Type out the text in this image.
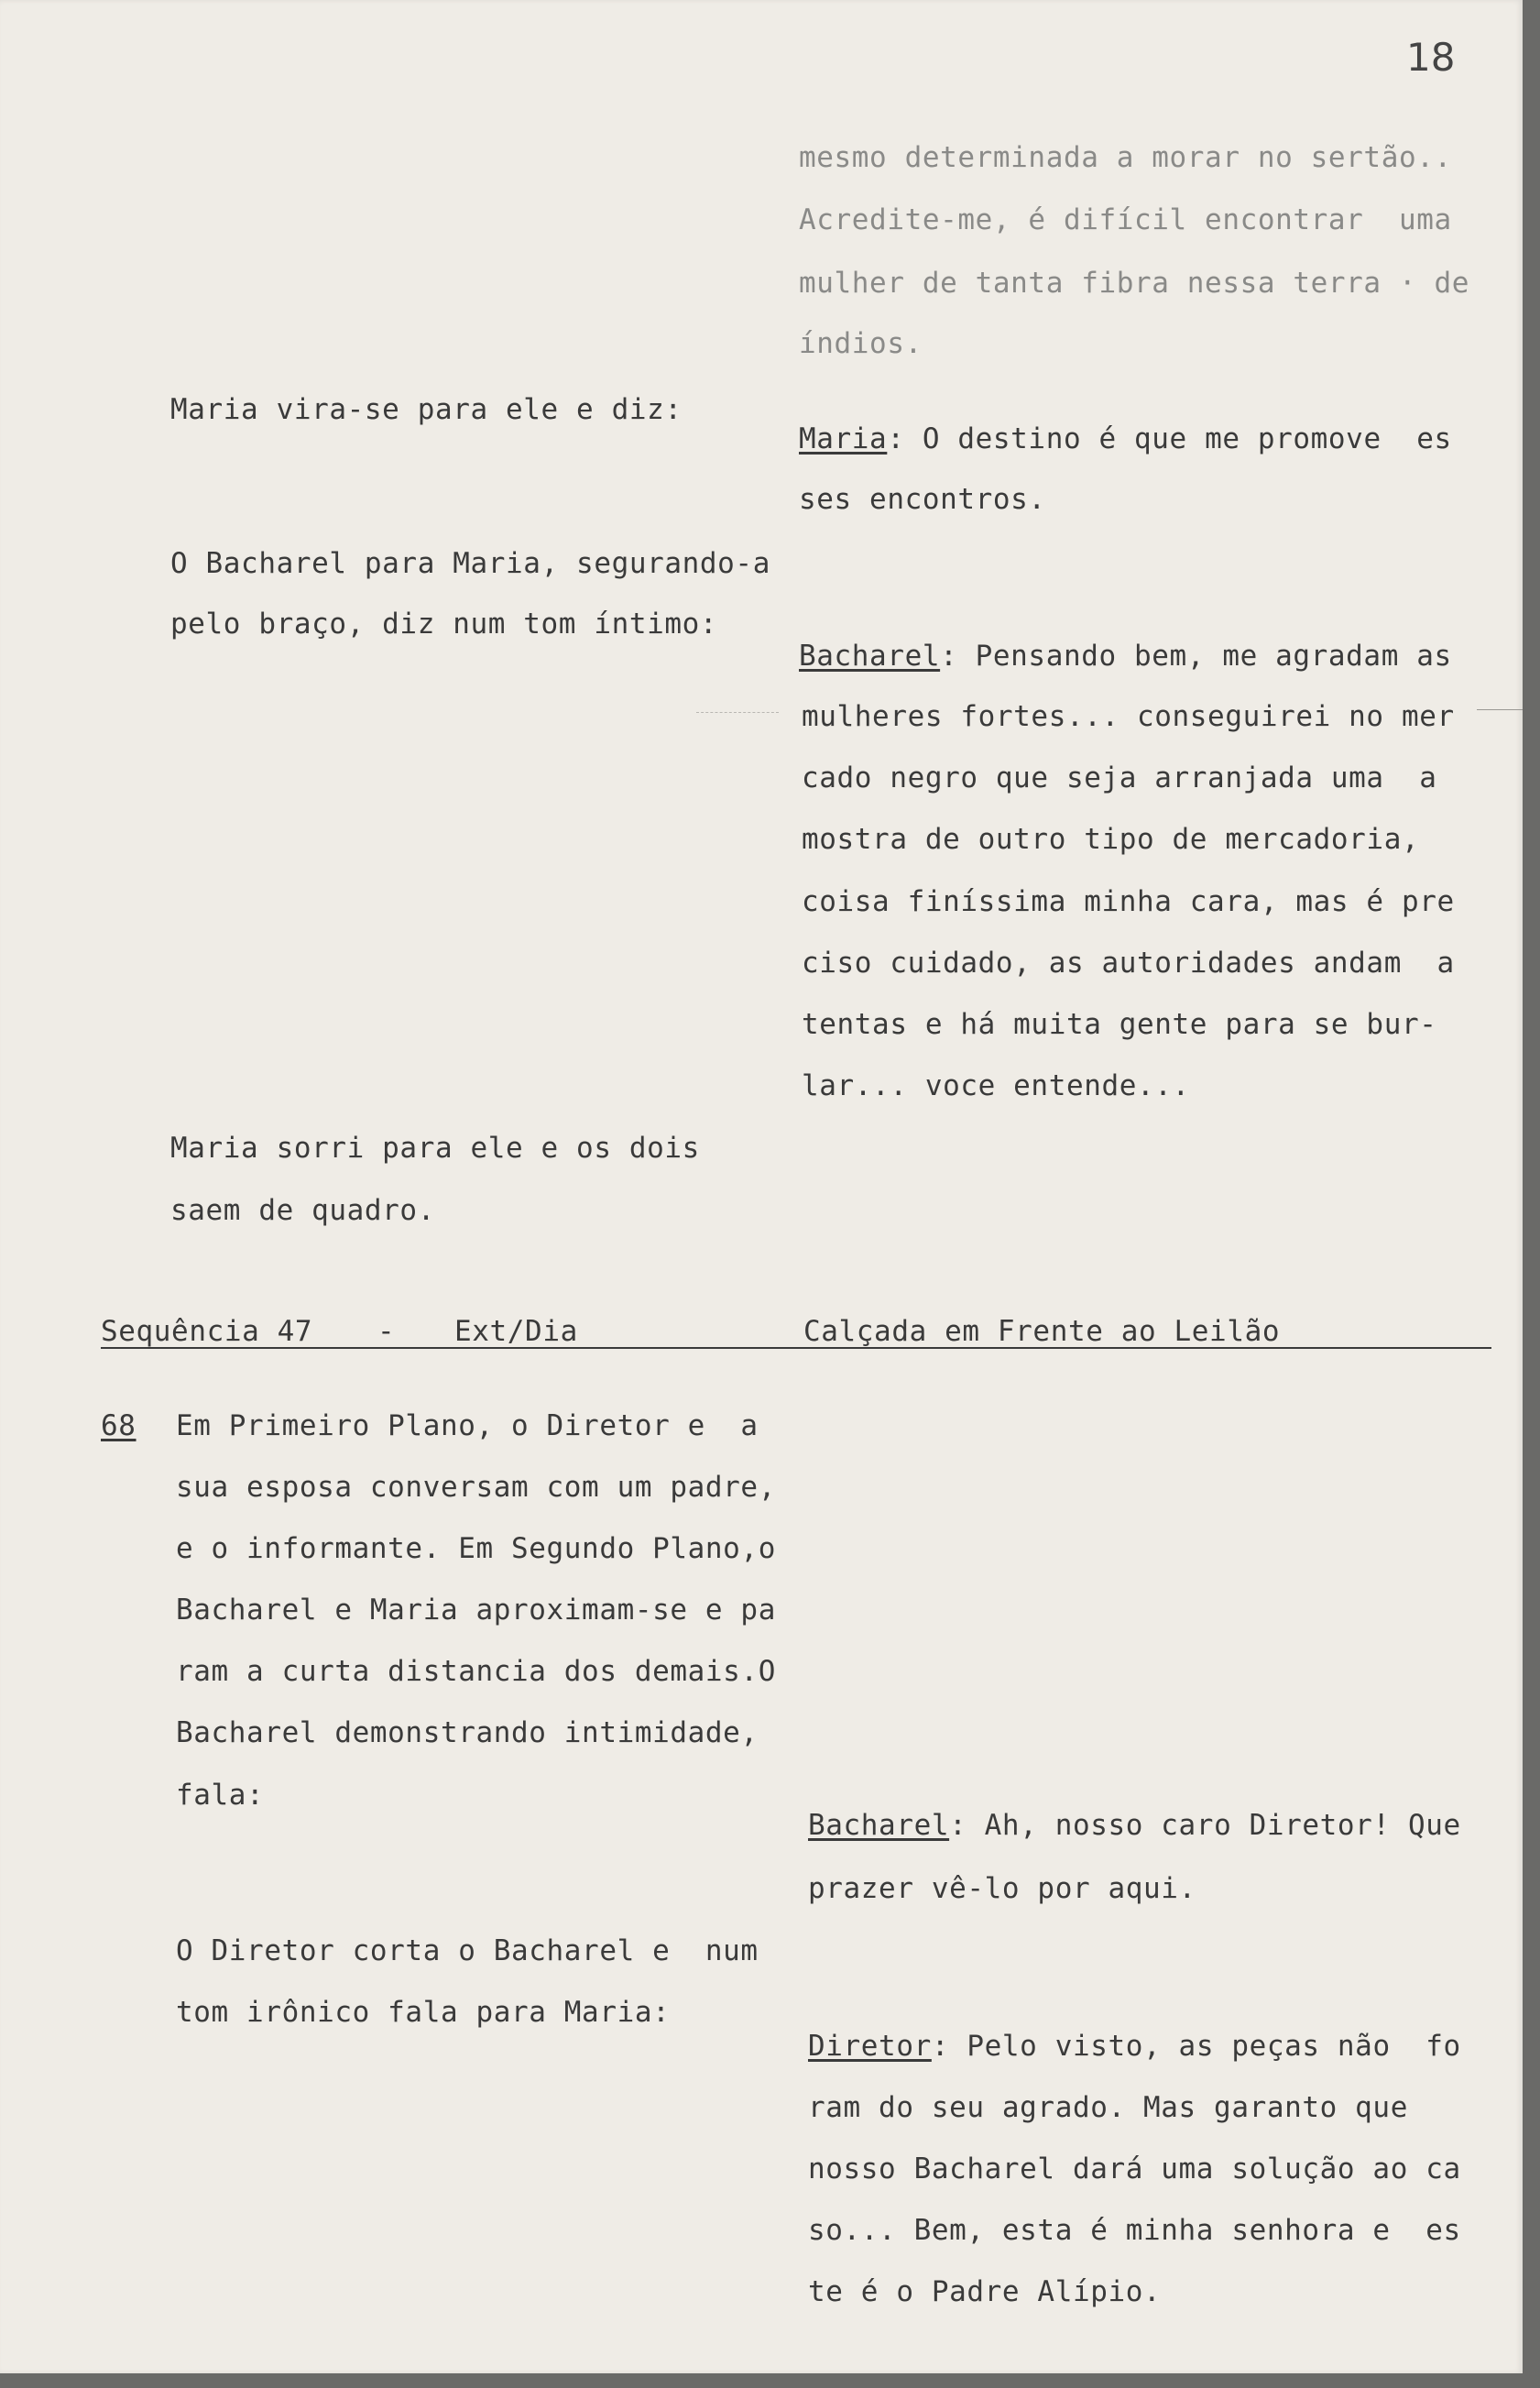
18
mesmo determinada a morar no sertão..
Acredite-me, é difícil encontrar  uma
mulher de tanta fibra nessa terra · de
índios.
Maria vira-se para ele e diz:
Maria: O destino é que me promove  es
ses encontros.
O Bacharel para Maria, segurando-a
pelo braço, diz num tom íntimo:
Bacharel: Pensando bem, me agradam as
mulheres fortes... conseguirei no mer
cado negro que seja arranjada uma  a
mostra de outro tipo de mercadoria,
coisa finíssima minha cara, mas é pre
ciso cuidado, as autoridades andam  a
tentas e há muita gente para se bur-
lar... voce entende...
Maria sorri para ele e os dois
saem de quadro.
Sequência 47 - Ext/Dia	Calçada em Frente ao Leilão
68 Em Primeiro Plano, o Diretor e  a
sua esposa conversam com um padre,
e o informante. Em Segundo Plano,o
Bacharel e Maria aproximam-se e pa
ram a curta distancia dos demais.O
Bacharel demonstrando intimidade,
fala:
Bacharel: Ah, nosso caro Diretor! Que
prazer vê-lo por aqui.
O Diretor corta o Bacharel e  num
tom irônico fala para Maria:
Diretor: Pelo visto, as peças não  fo
ram do seu agrado. Mas garanto que
nosso Bacharel dará uma solução ao ca
so... Bem, esta é minha senhora e  es
te é o Padre Alípio.
